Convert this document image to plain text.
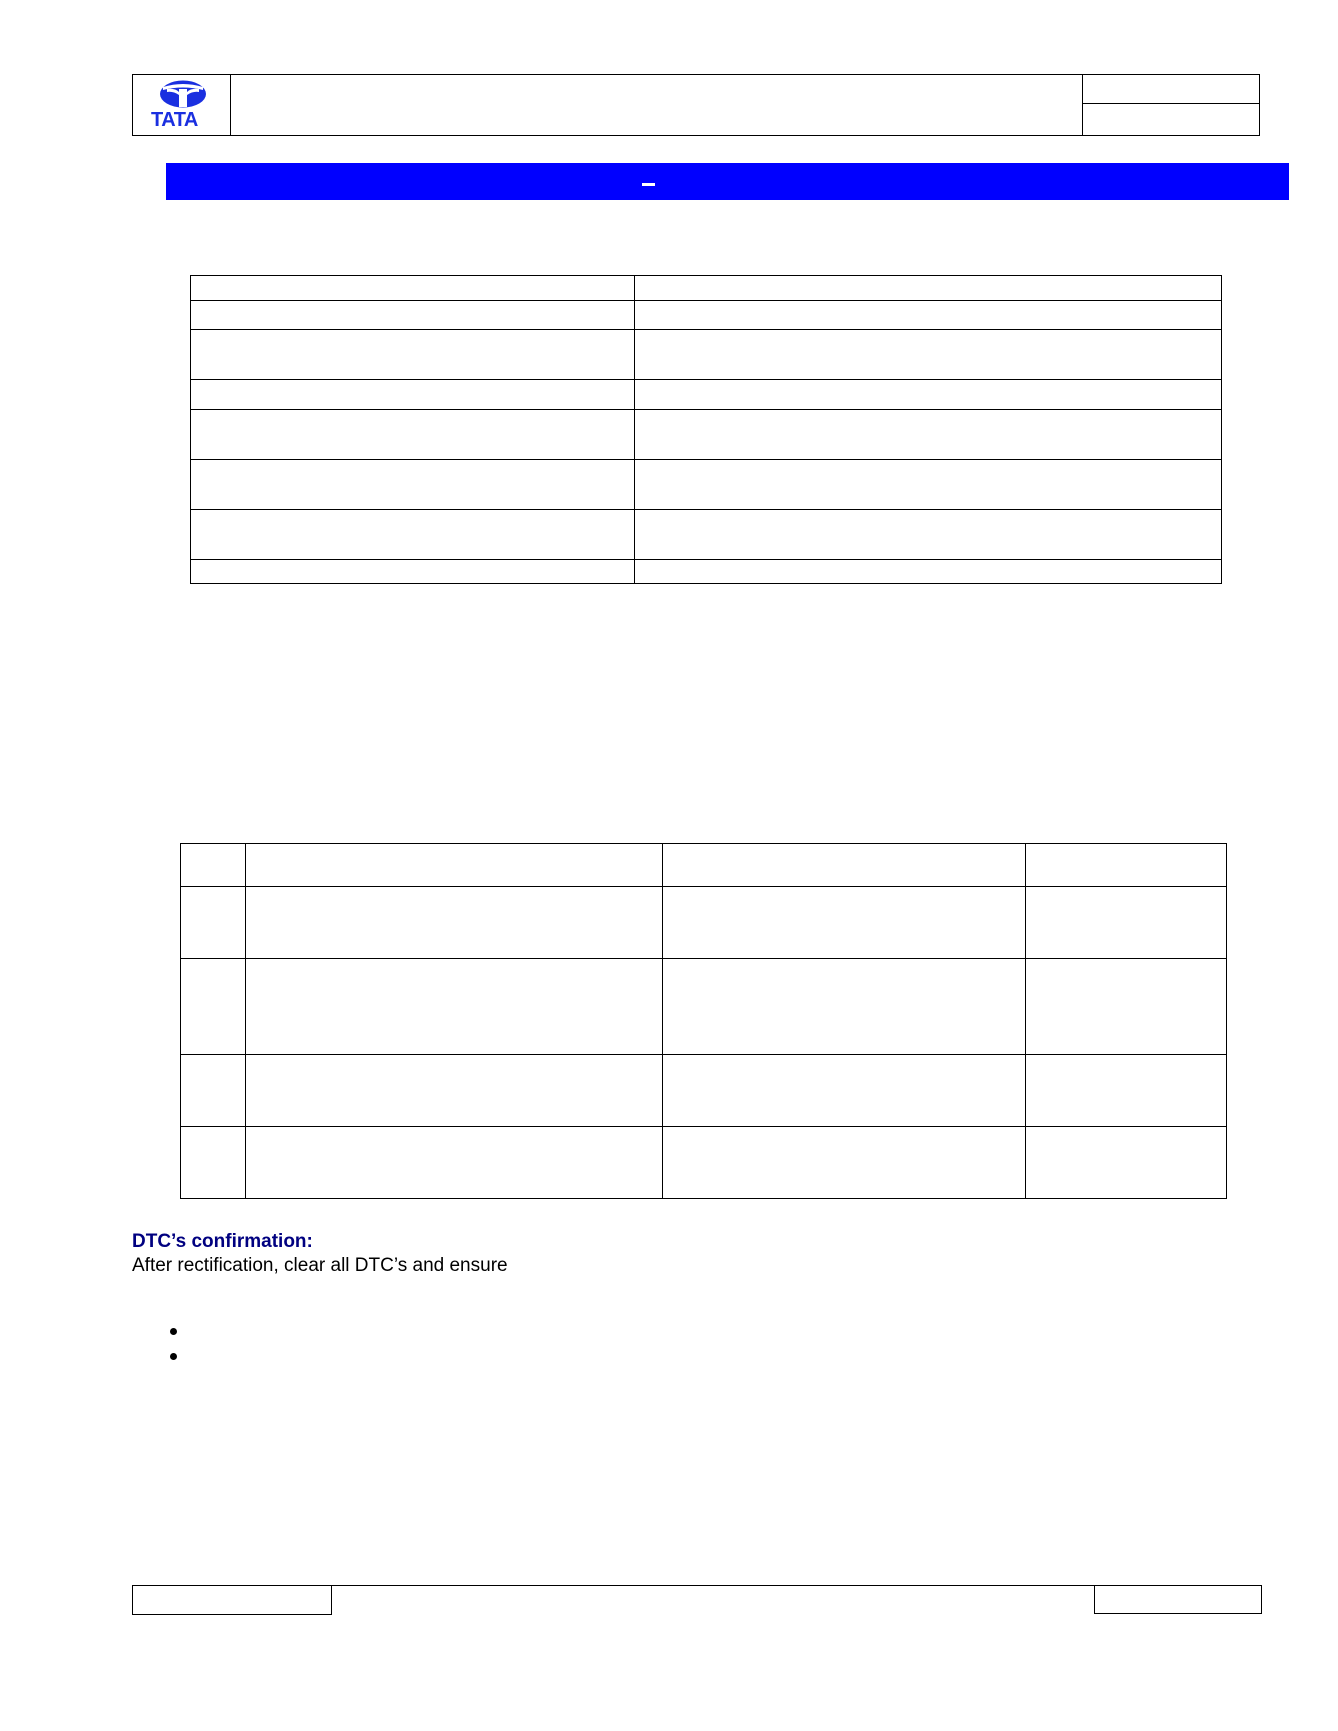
TATA

DTC’s confirmation:
After rectification, clear all DTC’s and ensure
